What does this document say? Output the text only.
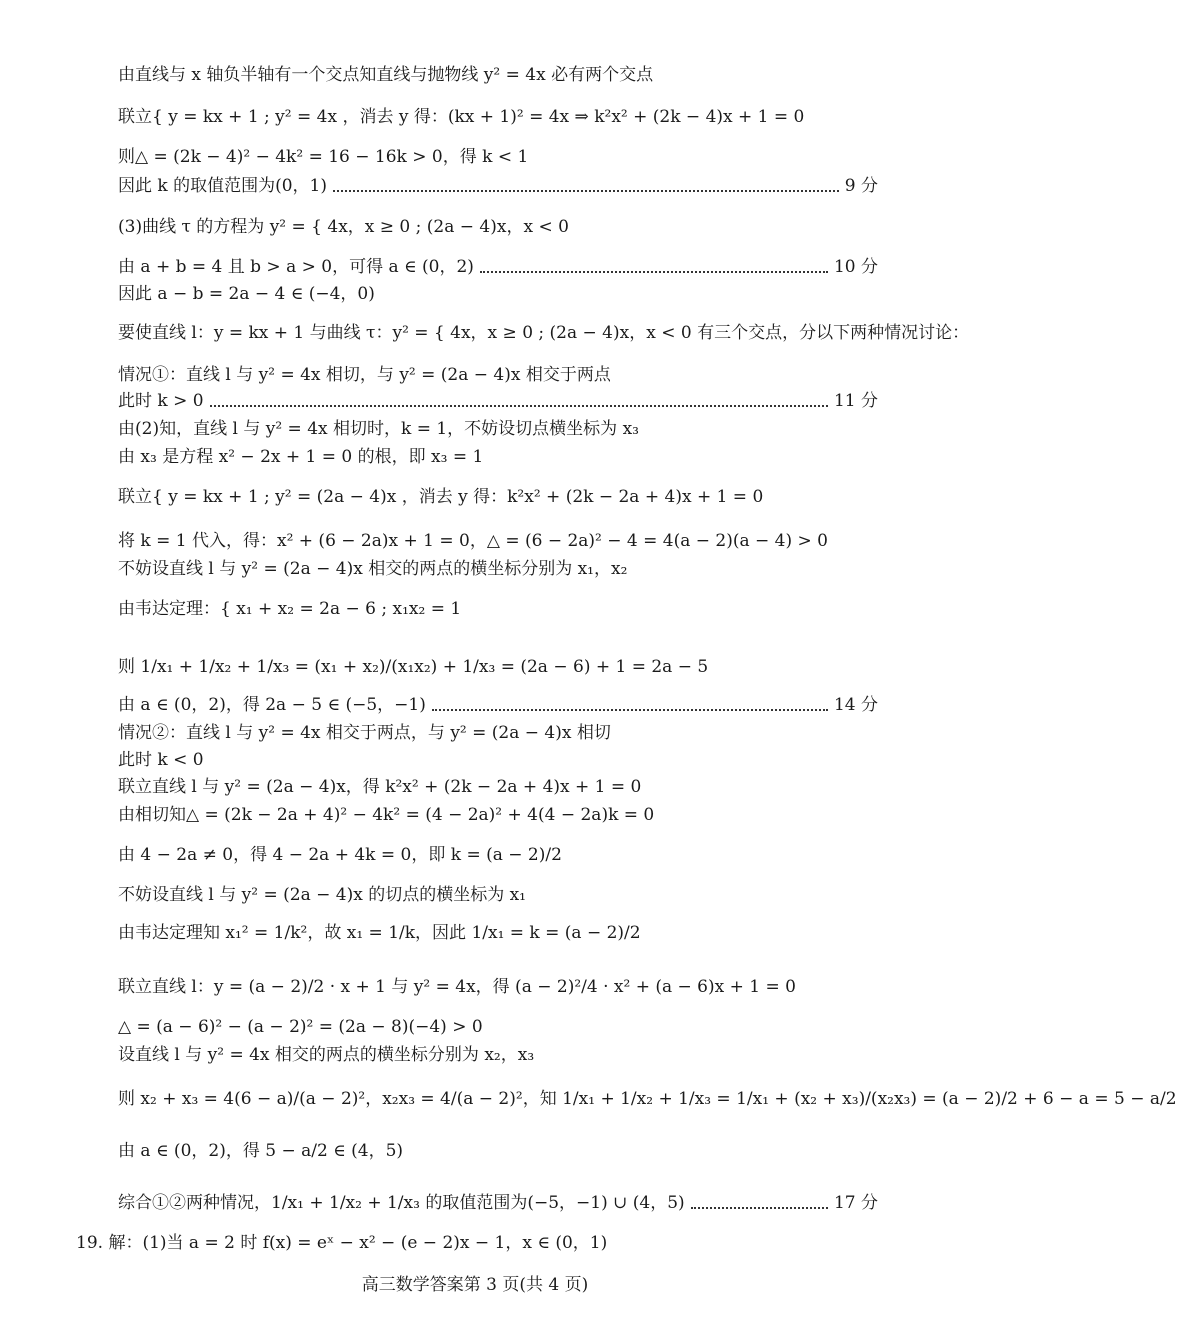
由直线与 x 轴负半轴有一个交点知直线与抛物线 y² = 4x 必有两个交点
联立{ y = kx + 1 ; y² = 4x ，消去 y 得：(kx + 1)² = 4x ⇒ k²x² + (2k − 4)x + 1 = 0
则△ = (2k − 4)² − 4k² = 16 − 16k > 0，得 k < 1
因此 k 的取值范围为(0，1)	9 分
(3)曲线 τ 的方程为 y² = { 4x，x ≥ 0 ; (2a − 4)x，x < 0
由 a + b = 4 且 b > a > 0，可得 a ∈ (0，2)	10 分
因此 a − b = 2a − 4 ∈ (−4，0)
要使直线 l：y = kx + 1 与曲线 τ：y² = { 4x，x ≥ 0 ; (2a − 4)x，x < 0 有三个交点，分以下两种情况讨论：
情况①：直线 l 与 y² = 4x 相切，与 y² = (2a − 4)x 相交于两点
此时 k > 0	11 分
由(2)知，直线 l 与 y² = 4x 相切时，k = 1，不妨设切点横坐标为 x₃
由 x₃ 是方程 x² − 2x + 1 = 0 的根，即 x₃ = 1
联立{ y = kx + 1 ; y² = (2a − 4)x ，消去 y 得：k²x² + (2k − 2a + 4)x + 1 = 0
将 k = 1 代入，得：x² + (6 − 2a)x + 1 = 0，△ = (6 − 2a)² − 4 = 4(a − 2)(a − 4) > 0
不妨设直线 l 与 y² = (2a − 4)x 相交的两点的横坐标分别为 x₁，x₂
由韦达定理：{ x₁ + x₂ = 2a − 6 ; x₁x₂ = 1
则 1/x₁ + 1/x₂ + 1/x₃ = (x₁ + x₂)/(x₁x₂) + 1/x₃ = (2a − 6) + 1 = 2a − 5
由 a ∈ (0，2)，得 2a − 5 ∈ (−5，−1)	14 分
情况②：直线 l 与 y² = 4x 相交于两点，与 y² = (2a − 4)x 相切
此时 k < 0
联立直线 l 与 y² = (2a − 4)x，得 k²x² + (2k − 2a + 4)x + 1 = 0
由相切知△ = (2k − 2a + 4)² − 4k² = (4 − 2a)² + 4(4 − 2a)k = 0
由 4 − 2a ≠ 0，得 4 − 2a + 4k = 0，即 k = (a − 2)/2
不妨设直线 l 与 y² = (2a − 4)x 的切点的横坐标为 x₁
由韦达定理知 x₁² = 1/k²，故 x₁ = 1/k，因此 1/x₁ = k = (a − 2)/2
联立直线 l：y = (a − 2)/2 · x + 1 与 y² = 4x，得 (a − 2)²/4 · x² + (a − 6)x + 1 = 0
△ = (a − 6)² − (a − 2)² = (2a − 8)(−4) > 0
设直线 l 与 y² = 4x 相交的两点的横坐标分别为 x₂，x₃
则 x₂ + x₃ = 4(6 − a)/(a − 2)²，x₂x₃ = 4/(a − 2)²，知 1/x₁ + 1/x₂ + 1/x₃ = 1/x₁ + (x₂ + x₃)/(x₂x₃) = (a − 2)/2 + 6 − a = 5 − a/2
由 a ∈ (0，2)，得 5 − a/2 ∈ (4，5)
综合①②两种情况，1/x₁ + 1/x₂ + 1/x₃ 的取值范围为(−5，−1) ∪ (4，5)	17 分
19. 解：(1)当 a = 2 时 f(x) = eˣ − x² − (e − 2)x − 1，x ∈ (0，1)
高三数学答案第 3 页(共 4 页)
